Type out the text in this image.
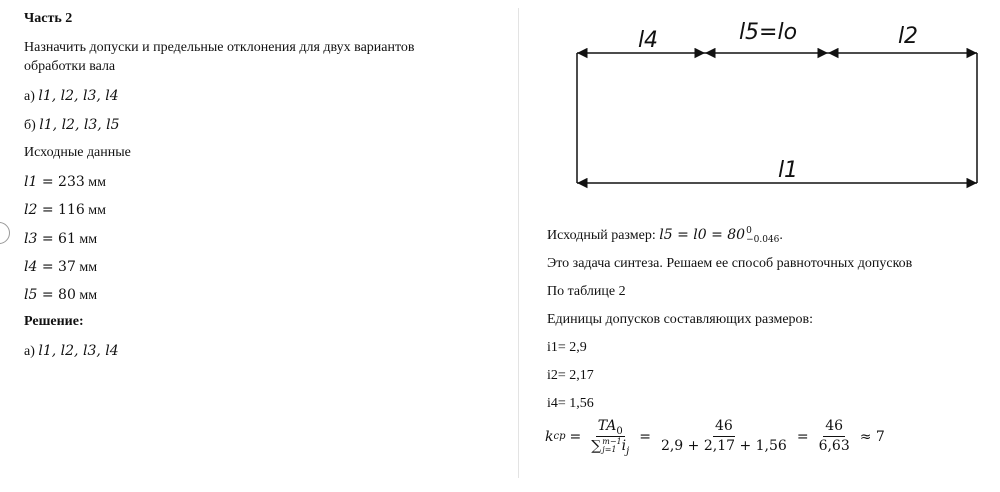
Часть 2
Назначить допуски и предельные отклонения для двух вариантов
обработки вала
а) l1, l2, l3, l4
б) l1, l2, l3, l5
Исходные данные
l1 = 233 мм
l2 = 116 мм
l3 = 61 мм
l4 = 37 мм
l5 = 80 мм
Решение:
а) l1, l2, l3, l4
l4	l5=lo	l2
l1
Исходный размер: l5 = l0 = 80 0
−0.046 .
Это задача синтеза. Решаем ее способ равноточных допусков
По таблице 2
Единицы допусков составляющих размеров:
i1= 2,9
i2= 2,17
i4= 1,56
k ср = $TA_0$
∑ m−1
j=1 $i_j = \frac{46}{2,9 + 2,17 + 1,56} = \frac{46}{6,63} \approx 7$
